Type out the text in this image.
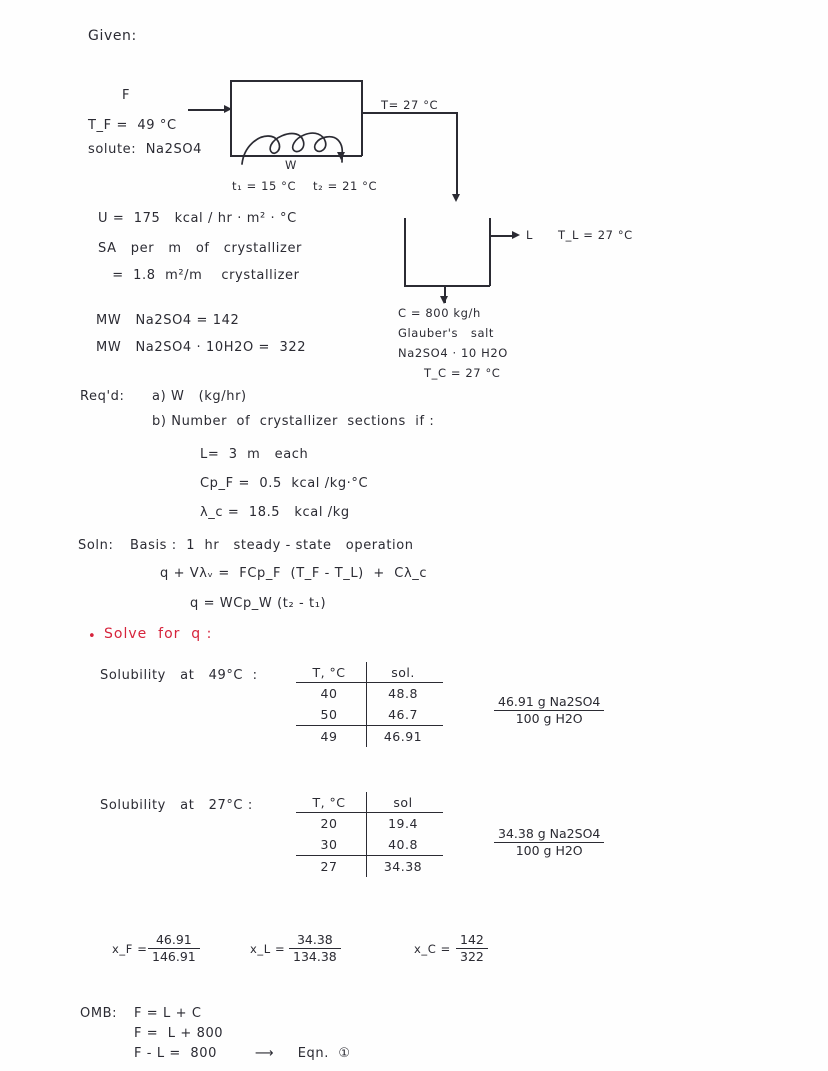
Given:
F
T_F =  49 °C
solute:  Na2SO4
W
t₁ = 15 °C t₂ = 21 °C
T= 27 °C
L T_L = 27 °C
C = 800 kg/h
Glauber's   salt
Na2SO4 · 10 H2O
T_C = 27 °C
U =  175   kcal / hr · m² · °C
SA   per   m   of   crystallizer
=  1.8  m²/m    crystallizer
MW   Na2SO4 = 142
MW   Na2SO4 · 10H2O =  322
Req'd: a) W   (kg/hr)
b) Number  of  crystallizer  sections  if :
L=  3  m   each
Cp_F =  0.5  kcal /kg·°C
λ_c =  18.5   kcal /kg
Soln: Basis :  1  hr   steady - state   operation
q + Vλᵥ =  FCp_F  (T_F - T_L)  +  Cλ_c
q = WCp_W (t₂ - t₁)
• Solve  for  q :
Solubility   at   49°C  :	T, °C	sol.
40	48.8
50	46.7
49	46.91
$\frac{\text{46.91 g Na2SO4}}{\text{100 g H2O}}$
Solubility   at   27°C :	T, °C	sol
20	19.4
30	40.8
27	34.38
$\frac{\text{34.38 g Na2SO4}}{\text{100 g H2O}}$
x_F = $\frac{46.91}{146.91}$	x_L = $\frac{34.38}{134.38}$	x_C = $\frac{142}{322}$
OMB: F = L + C
F =  L + 800
F - L =  800        ⟶     Eqn.  ①
